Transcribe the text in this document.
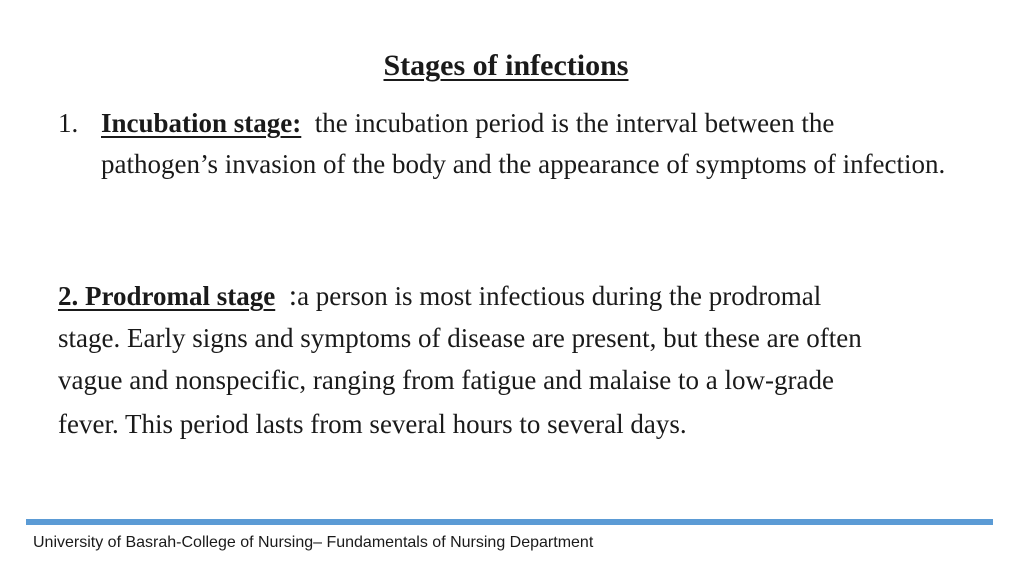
Stages of infections
1. Incubation stage: the incubation period is the interval between the pathogen’s invasion of the body and the appearance of symptoms of infection.
2. Prodromal stage :a person is most infectious during the prodromal
stage. Early signs and symptoms of disease are present, but these are often
vague and nonspecific, ranging from fatigue and malaise to a low-grade
fever. This period lasts from several hours to several days.
University of Basrah-College of Nursing– Fundamentals of Nursing Department
